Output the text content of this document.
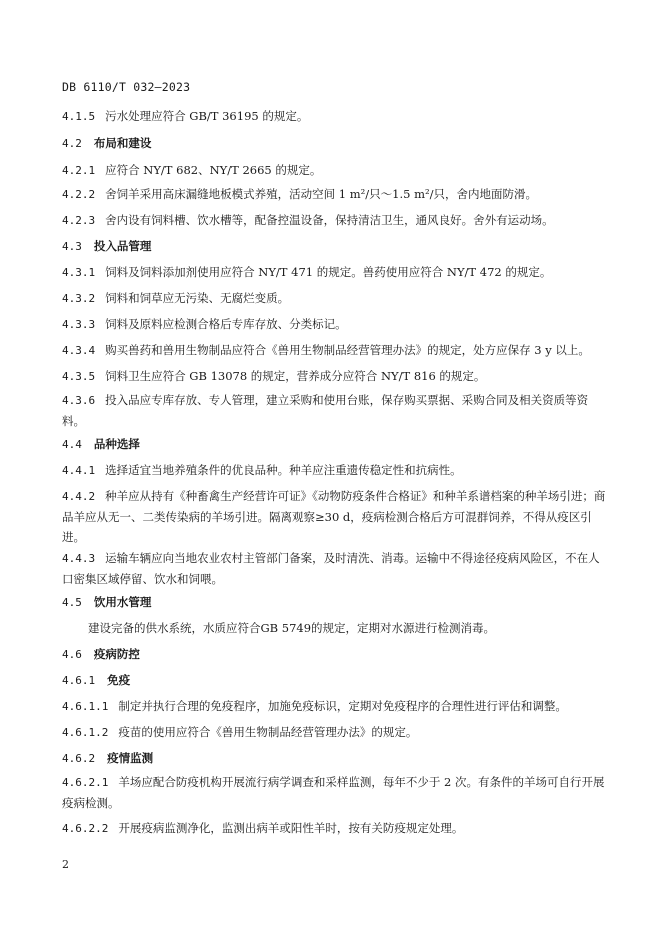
DB 6110/T 032—2023
4.1.5 污水处理应符合 GB/T 36195 的规定。
4.2 布局和建设
4.2.1 应符合 NY/T 682、NY/T 2665 的规定。
4.2.2 舍饲羊采用高床漏缝地板模式养殖，活动空间 1 m²/只～1.5 m²/只，舍内地面防滑。
4.2.3 舍内设有饲料槽、饮水槽等，配备控温设备，保持清洁卫生，通风良好。舍外有运动场。
4.3 投入品管理
4.3.1 饲料及饲料添加剂使用应符合 NY/T 471 的规定。兽药使用应符合 NY/T 472 的规定。
4.3.2 饲料和饲草应无污染、无腐烂变质。
4.3.3 饲料及原料应检测合格后专库存放、分类标记。
4.3.4 购买兽药和兽用生物制品应符合《兽用生物制品经营管理办法》的规定，处方应保存 3 y 以上。
4.3.5 饲料卫生应符合 GB 13078 的规定，营养成分应符合 NY/T 816 的规定。
4.3.6 投入品应专库存放、专人管理，建立采购和使用台账，保存购买票据、采购合同及相关资质等资料。
4.4 品种选择
4.4.1 选择适宜当地养殖条件的优良品种。种羊应注重遗传稳定性和抗病性。
4.4.2 种羊应从持有《种畜禽生产经营许可证》《动物防疫条件合格证》和种羊系谱档案的种羊场引进；商品羊应从无一、二类传染病的羊场引进。隔离观察≥30 d，疫病检测合格后方可混群饲养，不得从疫区引进。
4.4.3 运输车辆应向当地农业农村主管部门备案，及时清洗、消毒。运输中不得途径疫病风险区，不在人口密集区域停留、饮水和饲喂。
4.5 饮用水管理
建设完备的供水系统，水质应符合GB 5749的规定，定期对水源进行检测消毒。
4.6 疫病防控
4.6.1 免疫
4.6.1.1 制定并执行合理的免疫程序，加施免疫标识，定期对免疫程序的合理性进行评估和调整。
4.6.1.2 疫苗的使用应符合《兽用生物制品经营管理办法》的规定。
4.6.2 疫情监测
4.6.2.1 羊场应配合防疫机构开展流行病学调查和采样监测，每年不少于 2 次。有条件的羊场可自行开展疫病检测。
4.6.2.2 开展疫病监测净化，监测出病羊或阳性羊时，按有关防疫规定处理。
2
